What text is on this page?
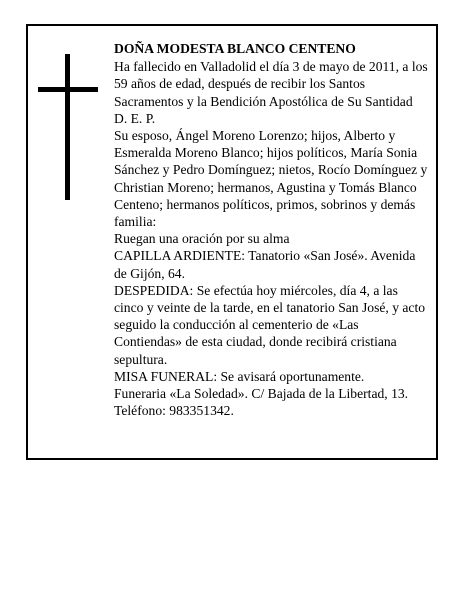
DOÑA MODESTA BLANCO CENTENO

Ha fallecido en Valladolid el día 3 de mayo de 2011, a los 59 años de edad, después de recibir los Santos Sacramentos y la Bendición Apostólica de Su Santidad

D. E. P.

Su esposo, Ángel Moreno Lorenzo; hijos, Alberto y Esmeralda Moreno Blanco; hijos políticos, María Sonia Sánchez y Pedro Domínguez; nietos, Rocío Domínguez y Christian Moreno; hermanos, Agustina y Tomás Blanco Centeno; hermanos políticos, primos, sobrinos y demás familia:

Ruegan una oración por su alma

CAPILLA ARDIENTE: Tanatorio «San José». Avenida de Gijón, 64.

DESPEDIDA: Se efectúa hoy miércoles, día 4, a las cinco y veinte de la tarde, en el tanatorio San José, y acto seguido la conducción al cementerio de «Las Contiendas» de esta ciudad, donde recibirá cristiana sepultura.

MISA FUNERAL: Se avisará oportunamente.

Funeraria «La Soledad». C/ Bajada de la Libertad, 13. Teléfono: 983351342.
